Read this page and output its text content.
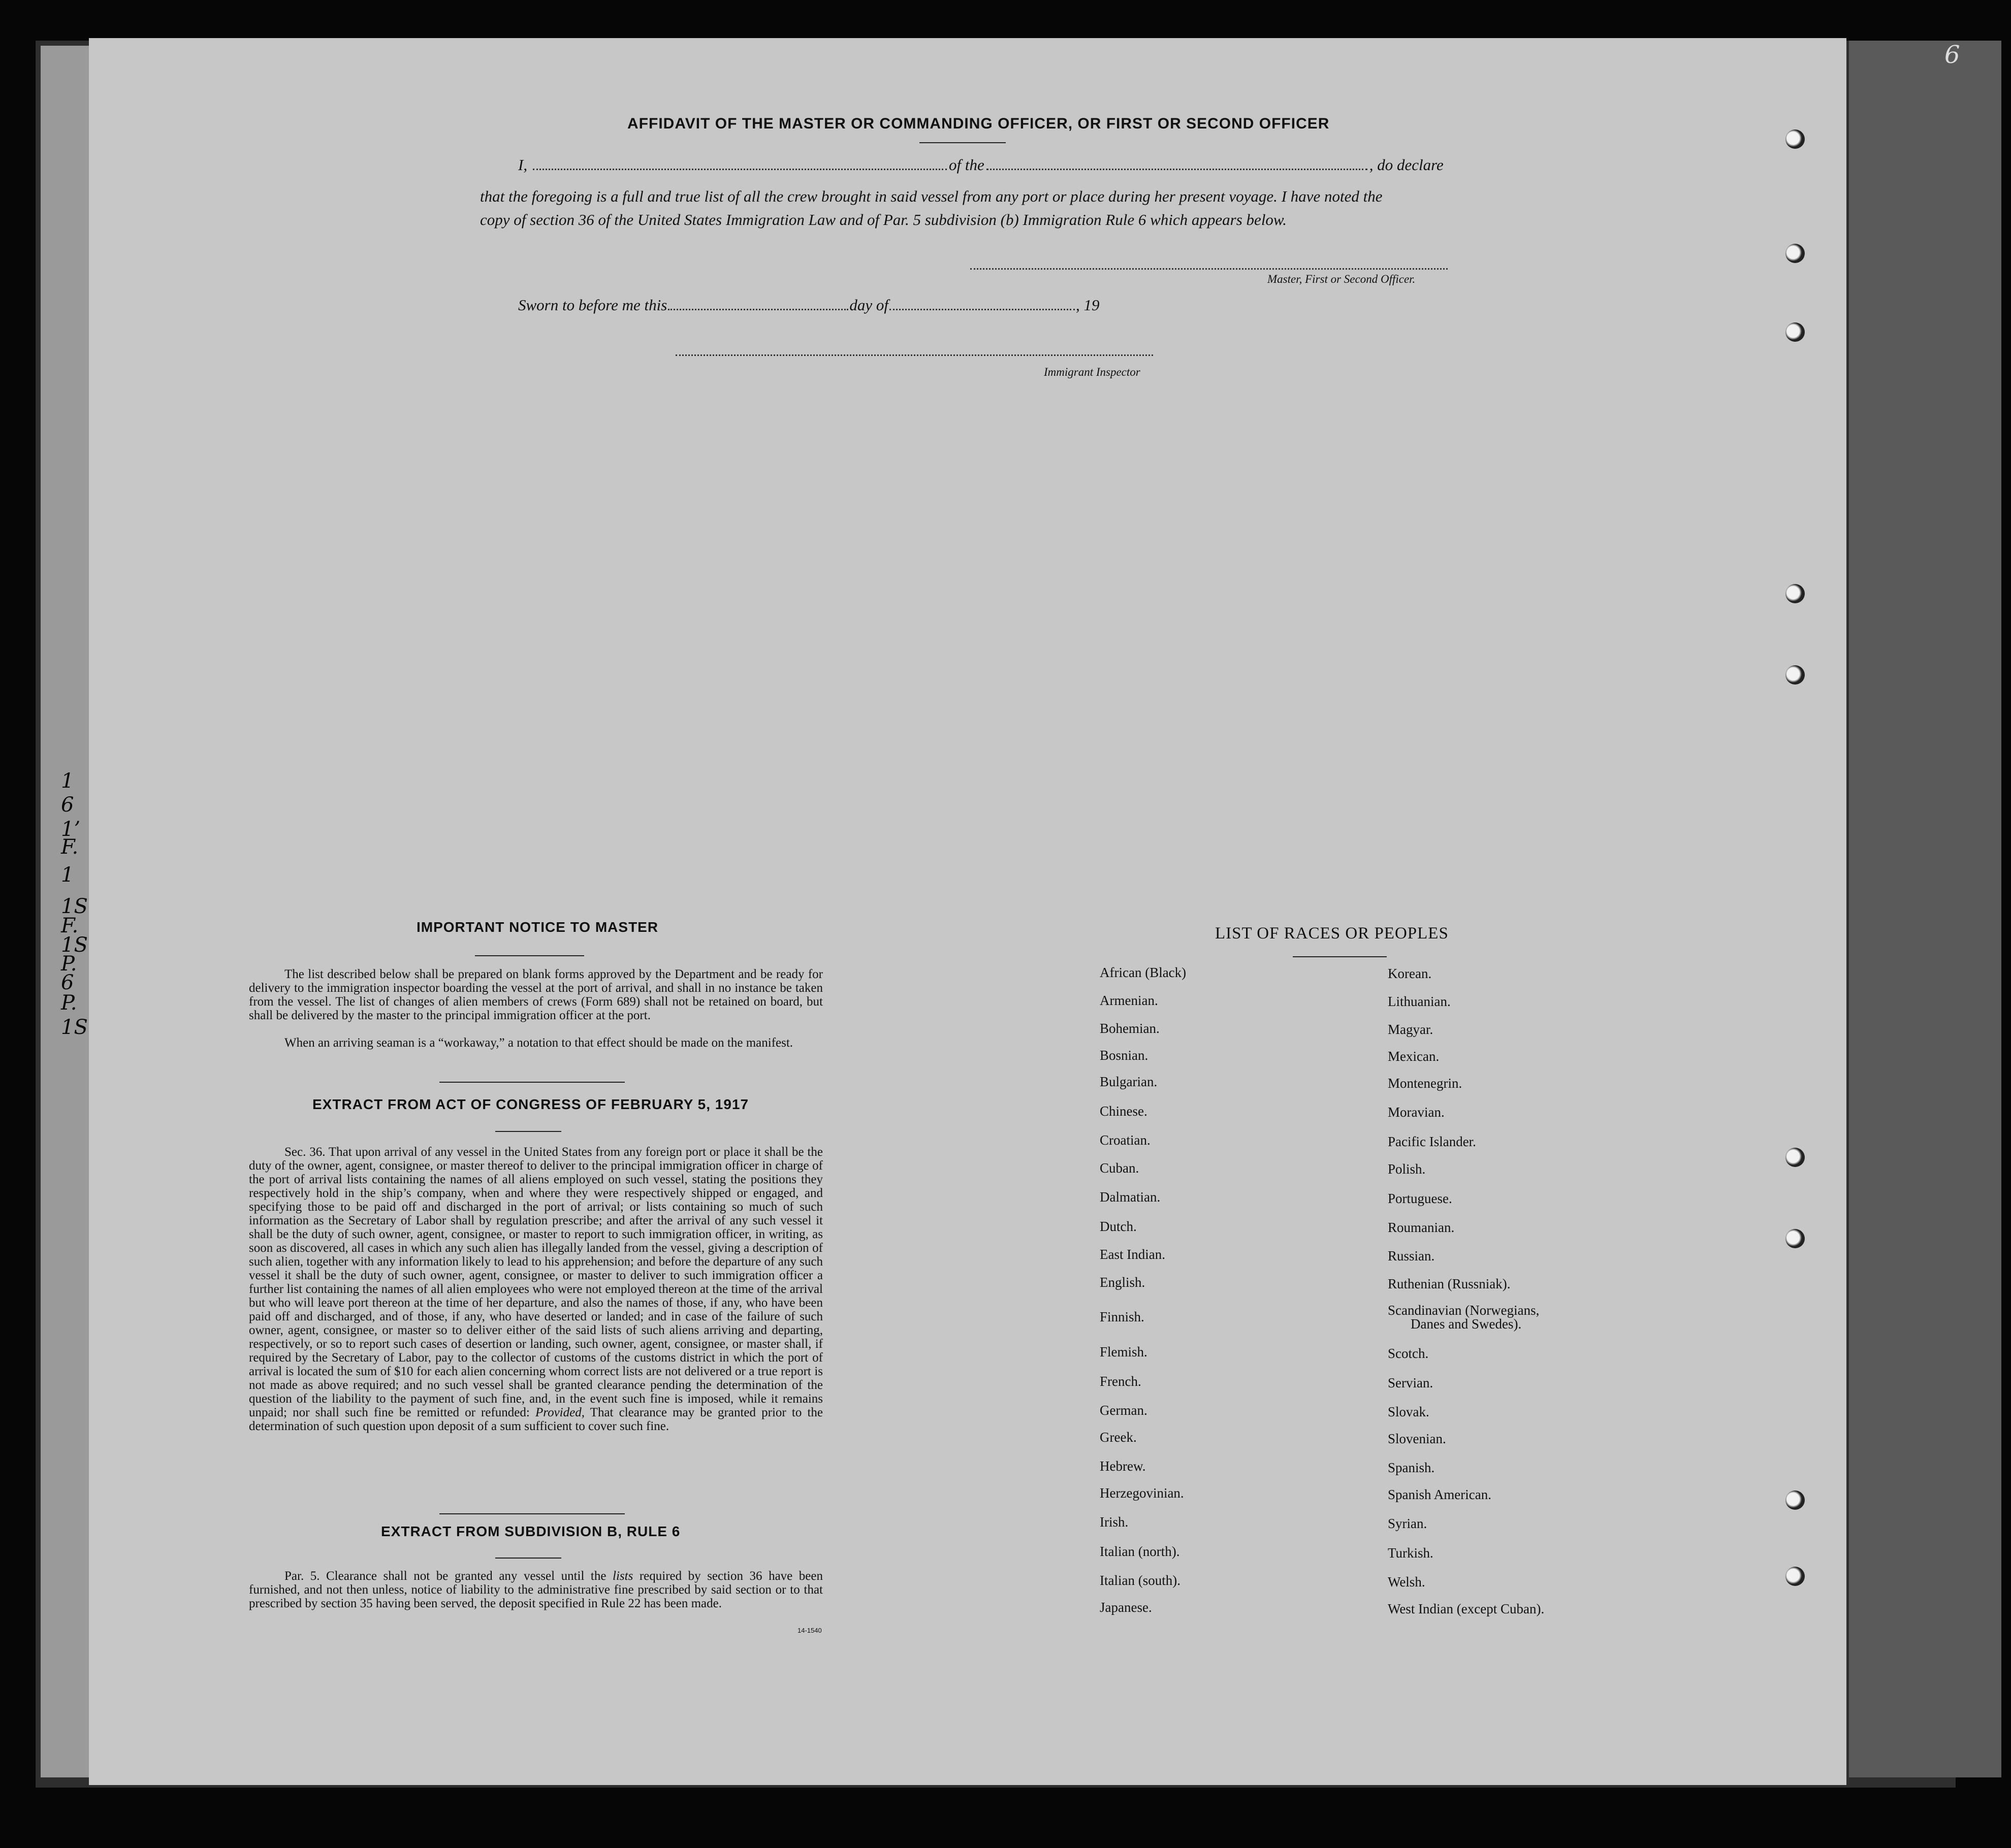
1
6
1’
F.
1
1S
F.
1S
P.
6
P.
1S
6
AFFIDAVIT OF THE MASTER OR COMMANDING OFFICER, OR FIRST OR SECOND OFFICER
I,	of the	, do declare
that the foregoing is a full and true list of all the crew brought in said vessel from any port or place during her present voyage. I have noted the
copy of section 36 of the United States Immigration Law and of Par. 5 subdivision (b) Immigration Rule 6 which appears below.
Master, First or Second Officer.
Sworn to before me this	day of	, 19
Immigrant Inspector
IMPORTANT NOTICE TO MASTER

The list described below shall be prepared on blank forms approved by the Department and be ready for delivery to the immigration inspector boarding the vessel at the port of arrival, and shall in no instance be taken from the vessel. The list of changes of alien members of crews (Form 689) shall not be retained on board, but shall be delivered by the master to the principal immigration officer at the port.

When an arriving seaman is a “workaway,” a notation to that effect should be made on the manifest.

EXTRACT FROM ACT OF CONGRESS OF FEBRUARY 5, 1917

Sec. 36. That upon arrival of any vessel in the United States from any foreign port or place it shall be the duty of the owner, agent, consignee, or master thereof to deliver to the principal immigration officer in charge of the port of arrival lists containing the names of all aliens employed on such vessel, stating the positions they respectively hold in the ship’s company, when and where they were respectively shipped or engaged, and specifying those to be paid off and discharged in the port of arrival; or lists containing so much of such information as the Secretary of Labor shall by regulation prescribe; and after the arrival of any such vessel it shall be the duty of such owner, agent, consignee, or master to report to such immigration officer, in writing, as soon as discovered, all cases in which any such alien has illegally landed from the vessel, giving a description of such alien, together with any information likely to lead to his apprehension; and before the departure of any such vessel it shall be the duty of such owner, agent, consignee, or master to deliver to such immigration officer a further list containing the names of all alien employees who were not employed thereon at the time of the arrival but who will leave port thereon at the time of her departure, and also the names of those, if any, who have been paid off and discharged, and of those, if any, who have deserted or landed; and in case of the failure of such owner, agent, consignee, or master so to deliver either of the said lists of such aliens arriving and departing, respectively, or so to report such cases of desertion or landing, such owner, agent, consignee, or master shall, if required by the Secretary of Labor, pay to the collector of customs of the customs district in which the port of arrival is located the sum of $10 for each alien concerning whom correct lists are not delivered or a true report is not made as above required; and no such vessel shall be granted clearance pending the determination of the question of the liability to the payment of such fine, and, in the event such fine is imposed, while it remains unpaid; nor shall such fine be remitted or refunded: Provided, That clearance may be granted prior to the determination of such question upon deposit of a sum sufficient to cover such fine.

EXTRACT FROM SUBDIVISION B, RULE 6

Par. 5. Clearance shall not be granted any vessel until the lists required by section 36 have been furnished, and not then unless, notice of liability to the administrative fine prescribed by said section or to that prescribed by section 35 having been served, the deposit specified in Rule 22 has been made.

14-1540
LIST OF RACES OR PEOPLES
African (Black)
Armenian.
Bohemian.
Bosnian.
Bulgarian.
Chinese.
Croatian.
Cuban.
Dalmatian.
Dutch.
East Indian.
English.
Finnish.
Flemish.
French.
German.
Greek.
Hebrew.
Herzegovinian.
Irish.
Italian (north).
Italian (south).
Japanese.
Korean.
Lithuanian.
Magyar.
Mexican.
Montenegrin.
Moravian.
Pacific Islander.
Polish.
Portuguese.
Roumanian.
Russian.
Ruthenian (Russniak).
Scandinavian (Norwegians,
Danes and Swedes).
Scotch.
Servian.
Slovak.
Slovenian.
Spanish.
Spanish American.
Syrian.
Turkish.
Welsh.
West Indian (except Cuban).
